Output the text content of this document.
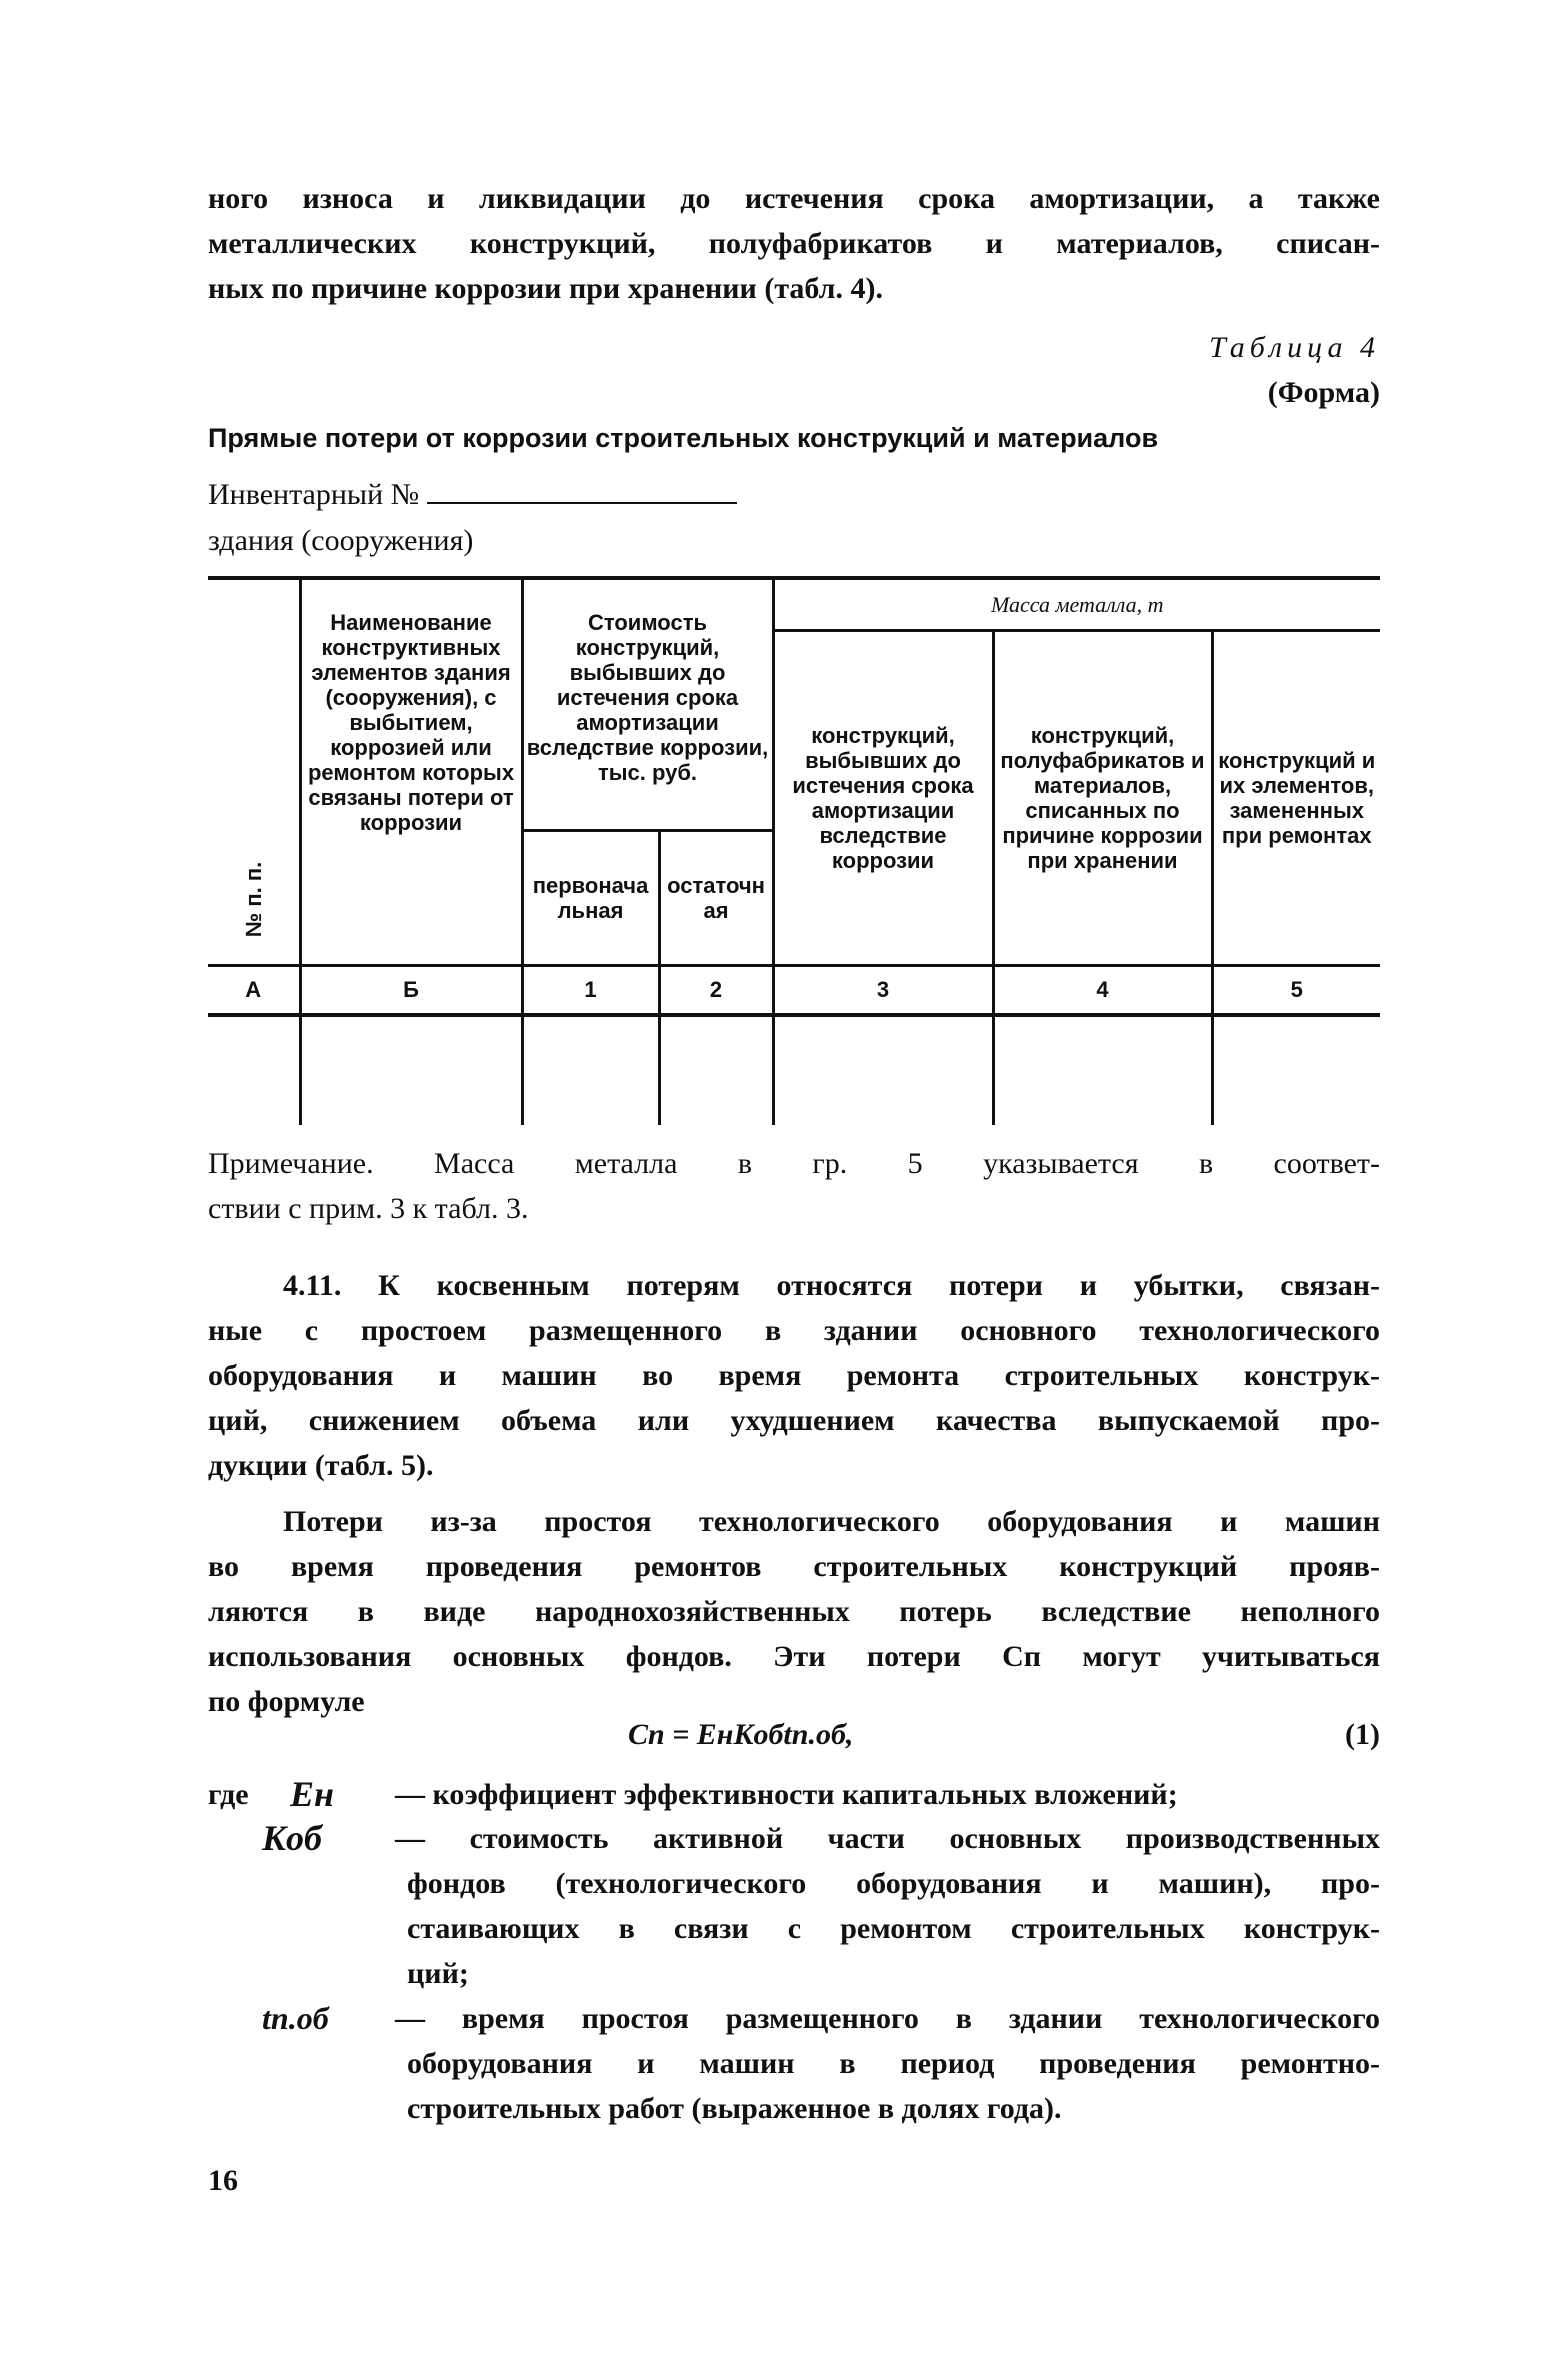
ного износа и ликвидации до истечения срока амортизации, а также
металлических конструкций, полуфабрикатов и материалов, списан-
ных по причине коррозии при хранении (табл. 4).
Таблица 4
(Форма)
Прямые потери от коррозии строительных конструкций и материалов
Инвентарный №
здания (сооружения)
№ п. п.	Наименование конструктивных элементов здания (сооружения), с выбытием, коррозией или ремонтом которых связаны потери от коррозии	Стоимость конструкций, выбывших до истечения срока амортизации вследствие коррозии, тыс. руб.		Масса металла, т		
				конструкций, выбывших до истечения срока амортизации вследствие коррозии	конструкций, полуфабрикатов и материалов, списанных по причине коррозии при хранении	конструкций и их элементов, замененных при ремонтах
		первоначальная	остаточная			
А	Б	1	2	3	4	5

Примечание. Масса металла в гр. 5 указывается в соответ-
ствии с прим. 3 к табл. 3.
4.11. К косвенным потерям относятся потери и убытки, связан-
ные с простоем размещенного в здании основного технологического
оборудования и машин во время ремонта строительных конструк-
ций, снижением объема или ухудшением качества выпускаемой про-
дукции (табл. 5).
Потери из-за простоя технологического оборудования и машин
во время проведения ремонтов строительных конструкций прояв-
ляются в виде народнохозяйственных потерь вследствие неполного
использования основных фондов. Эти потери Cп могут учитываться
по формуле
Cп = EнKобtп.об,	(1)
где Eн — коэффициент эффективности капитальных вложений;
Kоб — стоимость активной части основных производственных
фондов (технологического оборудования и машин), про-
стаивающих в связи с ремонтом строительных конструк-
ций;
tп.об — время простоя размещенного в здании технологического
оборудования и машин в период проведения ремонтно-
строительных работ (выраженное в долях года).
16
